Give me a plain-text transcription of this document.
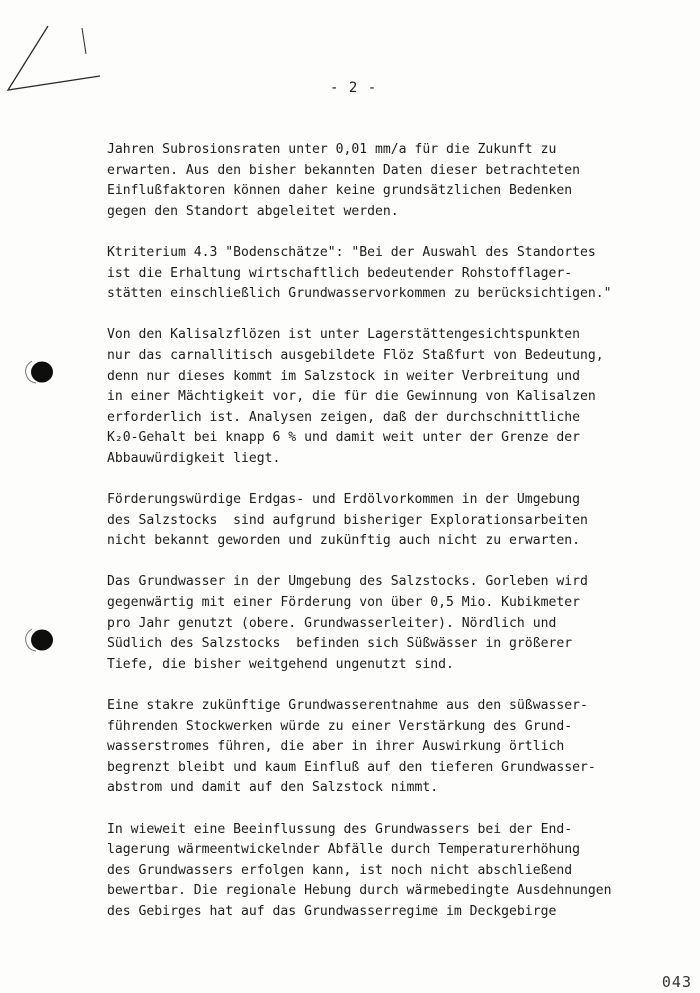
- 2 -

Jahren Subrosionsraten unter 0,01 mm/a für die Zukunft zu
erwarten. Aus den bisher bekannten Daten dieser betrachteten
Einflußfaktoren können daher keine grundsätzlichen Bedenken
gegen den Standort abgeleitet werden.

Ktriterium 4.3 "Bodenschätze": "Bei der Auswahl des Standortes
ist die Erhaltung wirtschaftlich bedeutender Rohstofflager-
stätten einschließlich Grundwasservorkommen zu berücksichtigen."

Von den Kalisalzflözen ist unter Lagerstättengesichtspunkten
nur das carnallitisch ausgebildete Flöz Staßfurt von Bedeutung,
denn nur dieses kommt im Salzstock in weiter Verbreitung und
in einer Mächtigkeit vor, die für die Gewinnung von Kalisalzen
erforderlich ist. Analysen zeigen, daß der durchschnittliche
K₂0-Gehalt bei knapp 6 % und damit weit unter der Grenze der
Abbauwürdigkeit liegt.

Förderungswürdige Erdgas- und Erdölvorkommen in der Umgebung
des Salzstocks  sind aufgrund bisheriger Explorationsarbeiten
nicht bekannt geworden und zukünftig auch nicht zu erwarten.

Das Grundwasser in der Umgebung des Salzstocks. Gorleben wird
gegenwärtig mit einer Förderung von über 0,5 Mio. Kubikmeter
pro Jahr genutzt (obere. Grundwasserleiter). Nördlich und
Südlich des Salzstocks  befinden sich Süßwässer in größerer
Tiefe, die bisher weitgehend ungenutzt sind.

Eine stakre zukünftige Grundwasserentnahme aus den süßwasser-
führenden Stockwerken würde zu einer Verstärkung des Grund-
wasserstromes führen, die aber in ihrer Auswirkung örtlich
begrenzt bleibt und kaum Einfluß auf den tieferen Grundwasser-
abstrom und damit auf den Salzstock nimmt.

In wieweit eine Beeinflussung des Grundwassers bei der End-
lagerung wärmeentwickelnder Abfälle durch Temperaturerhöhung
des Grundwassers erfolgen kann, ist noch nicht abschließend
bewertbar. Die regionale Hebung durch wärmebedingte Ausdehnungen
des Gebirges hat auf das Grundwasserregime im Deckgebirge

043
